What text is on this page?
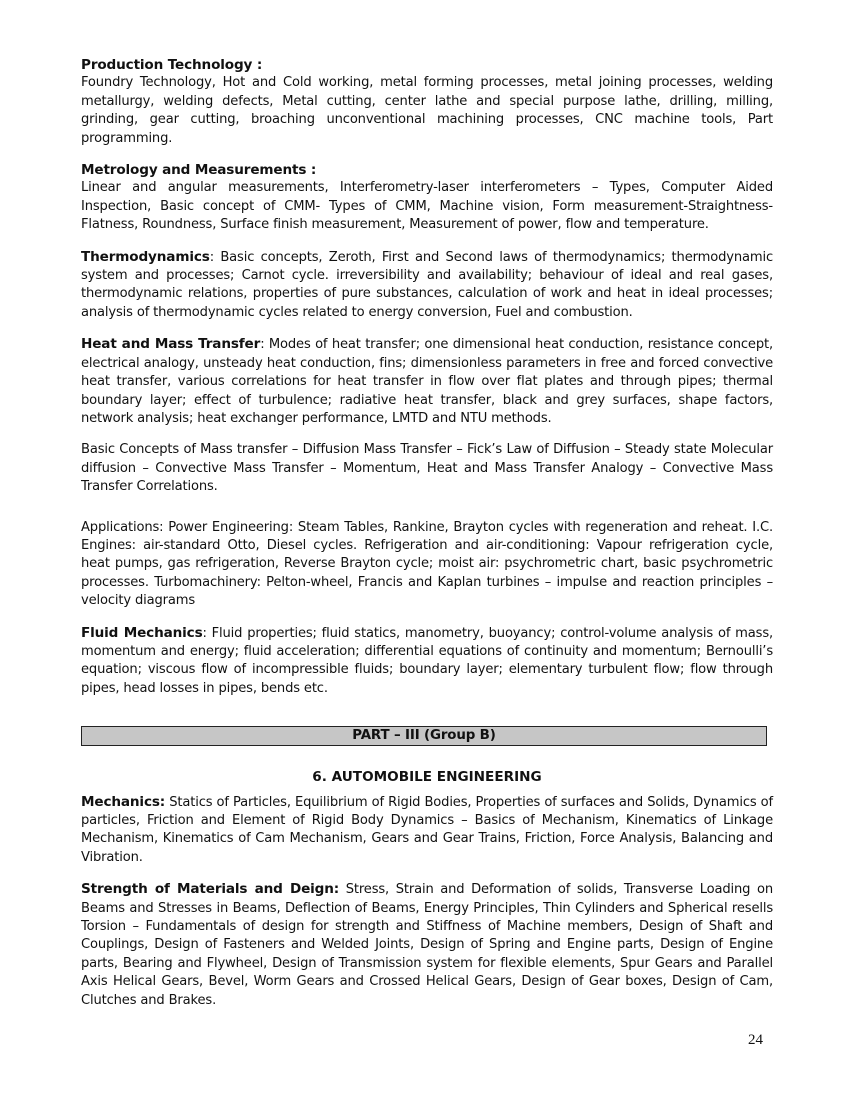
Production Technology :

Foundry Technology, Hot and Cold working, metal forming processes, metal joining processes, welding metallurgy, welding defects, Metal cutting, center lathe and special purpose lathe, drilling, milling, grinding, gear cutting, broaching unconventional machining processes, CNC machine tools, Part programming.

Metrology and Measurements :

Linear and angular measurements, Interferometry-laser interferometers – Types, Computer Aided Inspection, Basic concept of CMM- Types of CMM, Machine vision, Form measurement-Straightness-Flatness, Roundness, Surface finish measurement, Measurement of power, flow and temperature.

Thermodynamics: Basic concepts, Zeroth, First and Second laws of thermodynamics; thermodynamic system and processes; Carnot cycle. irreversibility and availability; behaviour of ideal and real gases, thermodynamic relations, properties of pure substances, calculation of work and heat in ideal processes; analysis of thermodynamic cycles related to energy conversion, Fuel and combustion.

Heat and Mass Transfer: Modes of heat transfer; one dimensional heat conduction, resistance concept, electrical analogy, unsteady heat conduction, fins; dimensionless parameters in free and forced convective heat transfer, various correlations for heat transfer in flow over flat plates and through pipes; thermal boundary layer; effect of turbulence; radiative heat transfer, black and grey surfaces, shape factors, network analysis; heat exchanger performance, LMTD and NTU methods.

Basic Concepts of Mass transfer – Diffusion Mass Transfer – Fick’s Law of Diffusion – Steady state Molecular diffusion – Convective Mass Transfer – Momentum, Heat and Mass Transfer Analogy – Convective Mass Transfer Correlations.

Applications: Power Engineering: Steam Tables, Rankine, Brayton cycles with regeneration and reheat. I.C. Engines: air-standard Otto, Diesel cycles. Refrigeration and air-conditioning: Vapour refrigeration cycle, heat pumps, gas refrigeration, Reverse Brayton cycle; moist air: psychrometric chart, basic psychrometric processes. Turbomachinery: Pelton-wheel, Francis and Kaplan turbines – impulse and reaction principles – velocity diagrams

Fluid Mechanics: Fluid properties; fluid statics, manometry, buoyancy; control-volume analysis of mass, momentum and energy; fluid acceleration; differential equations of continuity and momentum; Bernoulli’s equation; viscous flow of incompressible fluids; boundary layer; elementary turbulent flow; flow through pipes, head losses in pipes, bends etc.

PART – III (Group B)
6. AUTOMOBILE ENGINEERING

Mechanics: Statics of Particles, Equilibrium of Rigid Bodies, Properties of surfaces and Solids, Dynamics of particles, Friction and Element of Rigid Body Dynamics – Basics of Mechanism, Kinematics of Linkage Mechanism, Kinematics of Cam Mechanism, Gears and Gear Trains, Friction, Force Analysis, Balancing and Vibration.

Strength of Materials and Deign: Stress, Strain and Deformation of solids, Transverse Loading on Beams and Stresses in Beams, Deflection of Beams, Energy Principles, Thin Cylinders and Spherical resells Torsion – Fundamentals of design for strength and Stiffness of Machine members, Design of Shaft and Couplings, Design of Fasteners and Welded Joints, Design of Spring and Engine parts, Design of Engine parts, Bearing and Flywheel, Design of Transmission system for flexible elements, Spur Gears and Parallel Axis Helical Gears, Bevel, Worm Gears and Crossed Helical Gears, Design of Gear boxes, Design of Cam, Clutches and Brakes.

24
